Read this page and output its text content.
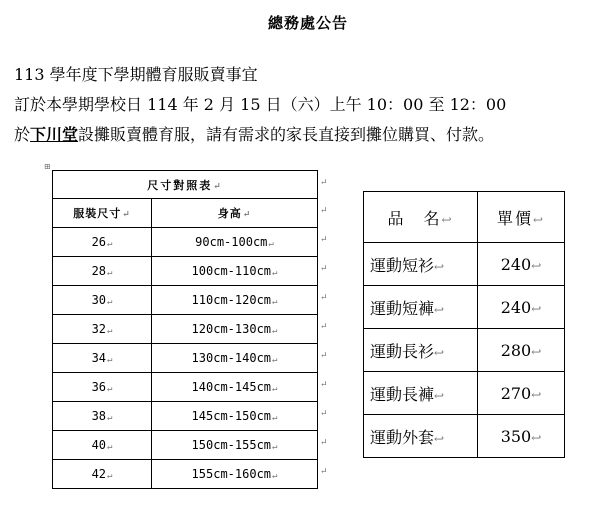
總務處公告
113 學年度下學期體育服販賣事宜
訂於本學期學校日 114 年 2 月 15 日（六）上午 10：00 至 12：00
於下川堂設攤販賣體育服，請有需求的家長直接到攤位購買、付款。
⊞
尺寸對照表↵	
服裝尺寸↵	身高↵
26↵	90cm-100cm↵
28↵	100cm-110cm↵
30↵	110cm-120cm↵
32↵	120cm-130cm↵
34↵	130cm-140cm↵
36↵	140cm-145cm↵
38↵	145cm-150cm↵
40↵	150cm-155cm↵
42↵	155cm-160cm↵
↵
↵
↵
↵
↵
↵
↵
↵
↵
↵
↵
品　名↩	單價↩
運動短衫↩	240↩
運動短褲↩	240↩
運動長衫↩	280↩
運動長褲↩	270↩
運動外套↩	350↩
